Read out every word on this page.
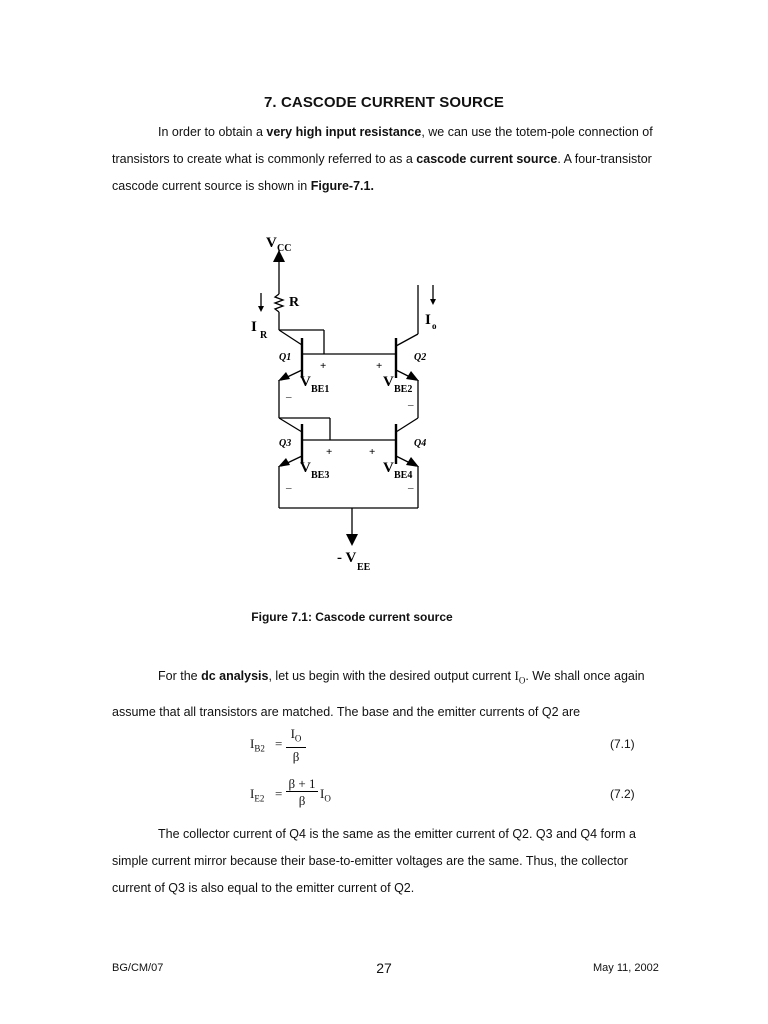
7. CASCODE CURRENT SOURCE
In order to obtain a very high input resistance, we can use the totem-pole connection of
transistors to create what is commonly referred to as a cascode current source. A four-transistor
cascode current source is shown in Figure-7.1.
V CC
R
I
R
I o
Q1	Q2
Q3	Q4
+	+
+	+
_
_
_	_
V BE1	V BE2
V BE3	V BE4
- V
EE
Figure 7.1: Cascode current source
For the dc analysis, let us begin with the desired output current $I_O$. We shall once again
assume that all transistors are matched. The base and the emitter currents of Q2 are
$I_{B2} = \frac{I_O}{\beta}$	(7.1)
$I_{E2} = \frac{\beta + 1}{\beta} I_O$	(7.2)
The collector current of Q4 is the same as the emitter current of Q2. Q3 and Q4 form a
simple current mirror because their base-to-emitter voltages are the same. Thus, the collector
current of Q3 is also equal to the emitter current of Q2.
BG/CM/07	27	May 11, 2002
